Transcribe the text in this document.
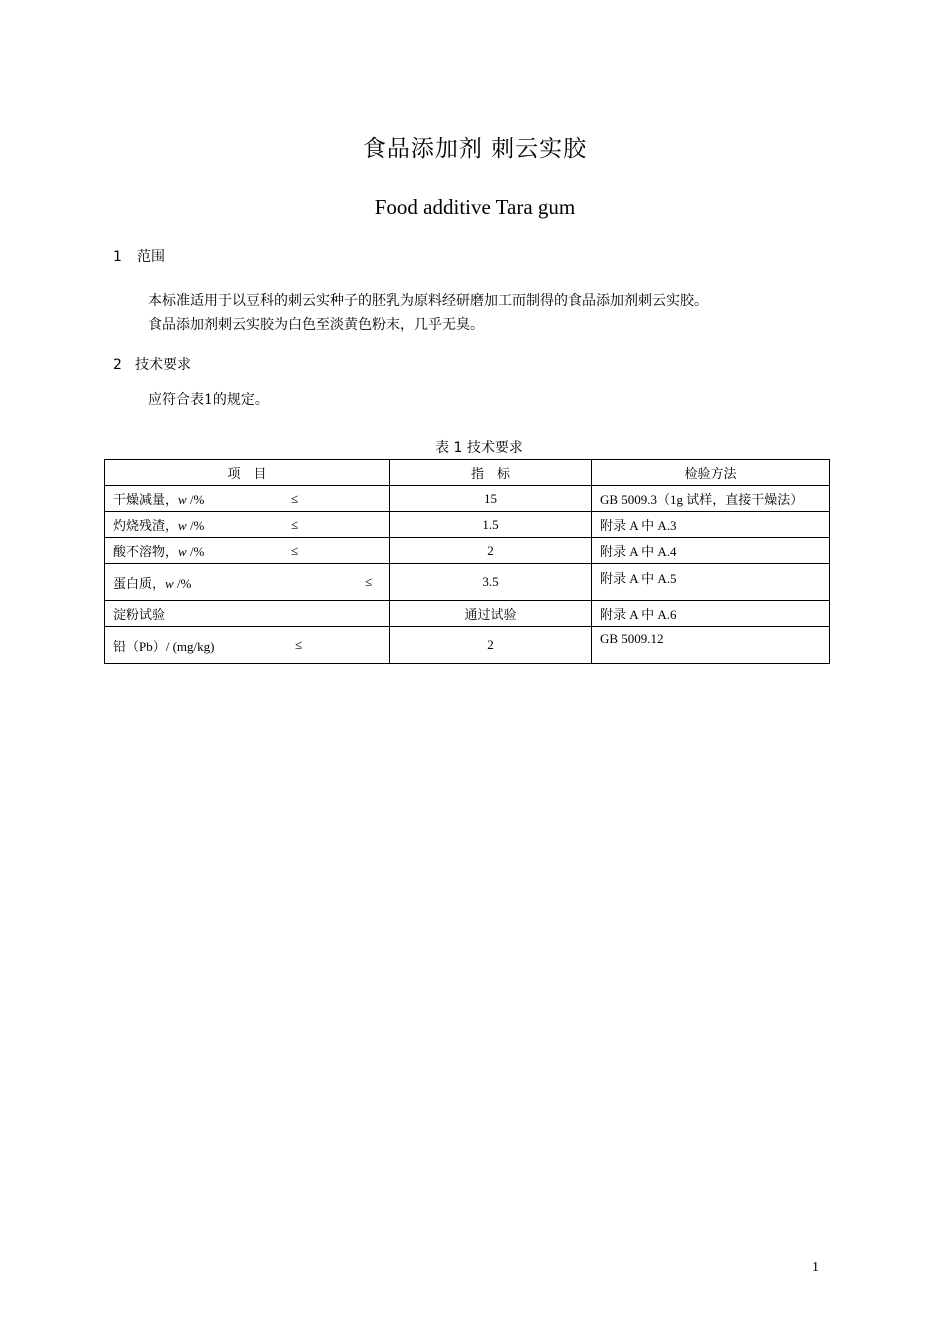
食品添加剂 刺云实胶
Food additive Tara gum
1 范围
本标准适用于以豆科的刺云实种子的胚乳为原料经研磨加工而制得的食品添加剂刺云实胶。
食品添加剂刺云实胶为白色至淡黄色粉末，几乎无臭。
2 技术要求
应符合表1的规定。
表 1 技术要求
项　目	指　标	检验方法
干燥减量，w /% ≤	15	GB 5009.3（1g 试样，直接干燥法）
灼烧残渣，w /% ≤	1.5	附录 A 中 A.3
酸不溶物，w /% ≤	2	附录 A 中 A.4
蛋白质，w /% ≤	3.5	附录 A 中 A.5
淀粉试验	通过试验	附录 A 中 A.6
铅（Pb）/ (mg/kg) ≤	2	GB 5009.12
1
